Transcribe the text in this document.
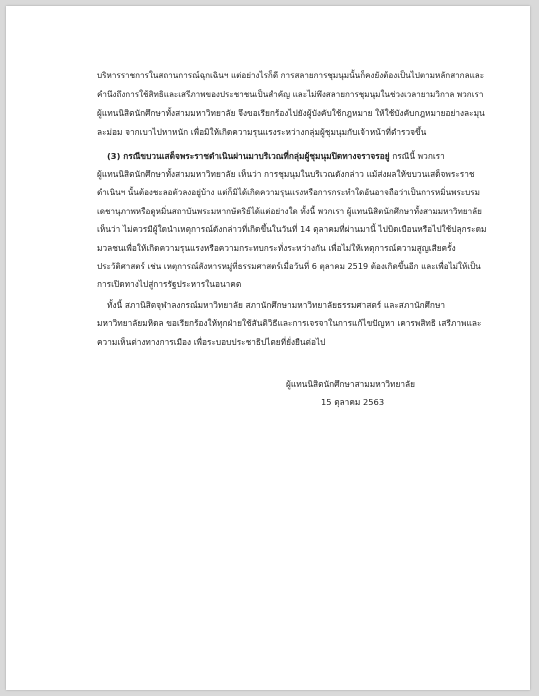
บริหารราชการในสถานการณ์ฉุกเฉินฯ แต่อย่างไรก็ดี การสลายการชุมนุมนั้นก็คงยังต้องเป็นไปตามหลักสากลและ
คำนึงถึงการใช้สิทธิและเสรีภาพของประชาชนเป็นสำคัญ และไม่พึงสลายการชุมนุมในช่วงเวลายามวิกาล พวกเรา
ผู้แทนนิสิตนักศึกษาทั้งสามมหาวิทยาลัย จึงขอเรียกร้องไปยังผู้บังคับใช้กฎหมาย ให้ใช้บังคับกฎหมายอย่างละมุน
ละม่อม จากเบาไปหาหนัก เพื่อมิให้เกิดความรุนแรงระหว่างกลุ่มผู้ชุมนุมกับเจ้าหน้าที่ตำรวจขึ้น
(3) กรณีขบวนเสด็จพระราชดำเนินผ่านมาบริเวณที่กลุ่มผู้ชุมนุมปิดทางจราจรอยู่ กรณีนี้ พวกเรา
ผู้แทนนิสิตนักศึกษาทั้งสามมหาวิทยาลัย เห็นว่า การชุมนุมในบริเวณดังกล่าว แม้ส่งผลให้ขบวนเสด็จพระราช
ดำเนินฯ นั้นต้องชะลอตัวลงอยู่บ้าง แต่ก็มิได้เกิดความรุนแรงหรือการกระทำใดอันอาจถือว่าเป็นการหมิ่นพระบรม
เดชานุภาพหรือดูหมิ่นสถาบันพระมหากษัตริย์ได้แต่อย่างใด ทั้งนี้ พวกเรา ผู้แทนนิสิตนักศึกษาทั้งสามมหาวิทยาลัย
เห็นว่า ไม่ควรมีผู้ใดนำเหตุการณ์ดังกล่าวที่เกิดขึ้นในวันที่ 14 ตุลาคมที่ผ่านมานี้ ไปบิดเบือนหรือไปใช้ปลุกระดม
มวลชนเพื่อให้เกิดความรุนแรงหรือความกระทบกระทั่งระหว่างกัน เพื่อไม่ให้เหตุการณ์ความสูญเสียครั้ง
ประวัติศาสตร์ เช่น เหตุการณ์สังหารหมู่ที่ธรรมศาสตร์เมื่อวันที่ 6 ตุลาคม 2519 ต้องเกิดขึ้นอีก และเพื่อไม่ให้เป็น
การเปิดทางไปสู่การรัฐประหารในอนาคต
ทั้งนี้ สภานิสิตจุฬาลงกรณ์มหาวิทยาลัย สภานักศึกษามหาวิทยาลัยธรรมศาสตร์ และสภานักศึกษา
มหาวิทยาลัยมหิดล ขอเรียกร้องให้ทุกฝ่ายใช้สันติวิธีและการเจรจาในการแก้ไขปัญหา เคารพสิทธิ เสรีภาพและ
ความเห็นต่างทางการเมือง เพื่อระบอบประชาธิปไตยที่ยั่งยืนต่อไป
ผู้แทนนิสิตนักศึกษาสามมหาวิทยาลัย
15 ตุลาคม 2563
